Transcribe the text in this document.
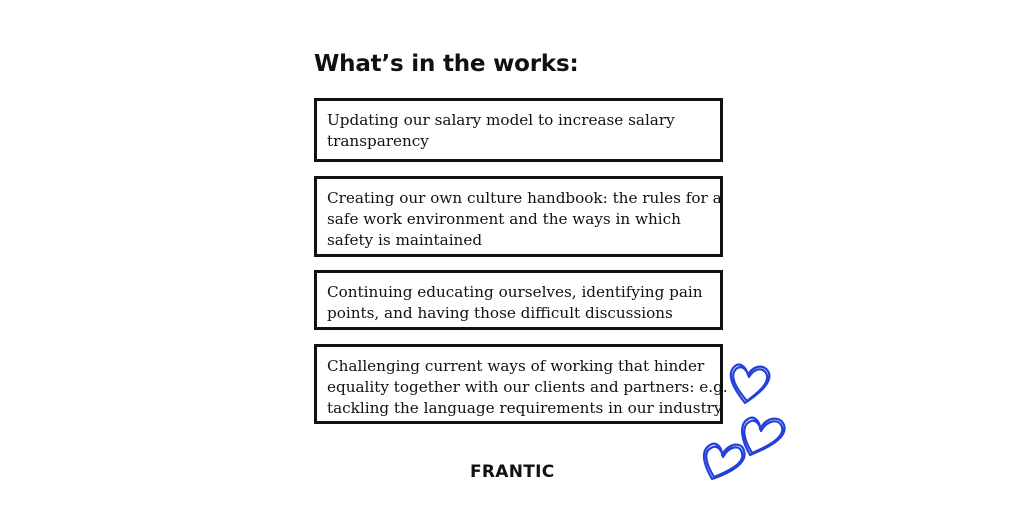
What’s in the works:
Updating our salary model to increase salary
transparency
Creating our own culture handbook: the rules for a
safe work environment and the ways in which
safety is maintained
Continuing educating ourselves, identifying pain
points, and having those difficult discussions
Challenging current ways of working that hinder
equality together with our clients and partners: e.g.
tackling the language requirements in our industry
FRANTIC
